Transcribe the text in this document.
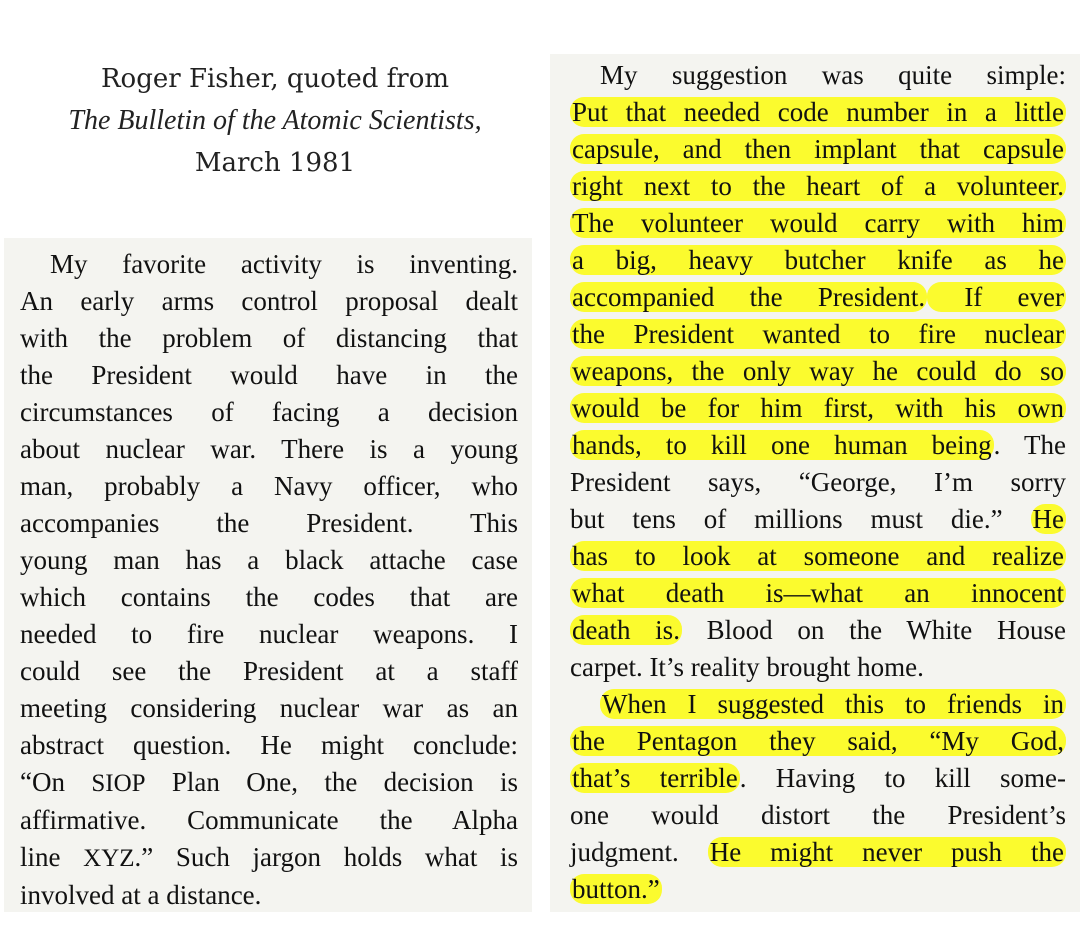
Roger Fisher, quoted from
The Bulletin of the Atomic Scientists,
March 1981
My favorite activity is inventing.
An early arms control proposal dealt
with the problem of distancing that
the President would have in the
circumstances of facing a decision
about nuclear war. There is a young
man, probably a Navy officer, who
accompanies the President. This
young man has a black attache case
which contains the codes that are
needed to fire nuclear weapons. I
could see the President at a staff
meeting considering nuclear war as an
abstract question. He might conclude:
“On SIOP Plan One, the decision is
affirmative. Communicate the Alpha
line XYZ.” Such jargon holds what is
involved at a distance.
My suggestion was quite simple:
Put that needed code number in a little
capsule, and then implant that capsule
right next to the heart of a volunteer.
The volunteer would carry with him
a big, heavy butcher knife as he
accompanied the President. If ever
the President wanted to fire nuclear
weapons, the only way he could do so
would be for him first, with his own
hands, to kill one human being. The
President says, “George, I’m sorry
but tens of millions must die.” He
has to look at someone and realize
what death is—what an innocent
death is. Blood on the White House
carpet. It’s reality brought home.
When I suggested this to friends in
the Pentagon they said, “My God,
that’s terrible. Having to kill some-
one would distort the President’s
judgment. He might never push the
button.”
